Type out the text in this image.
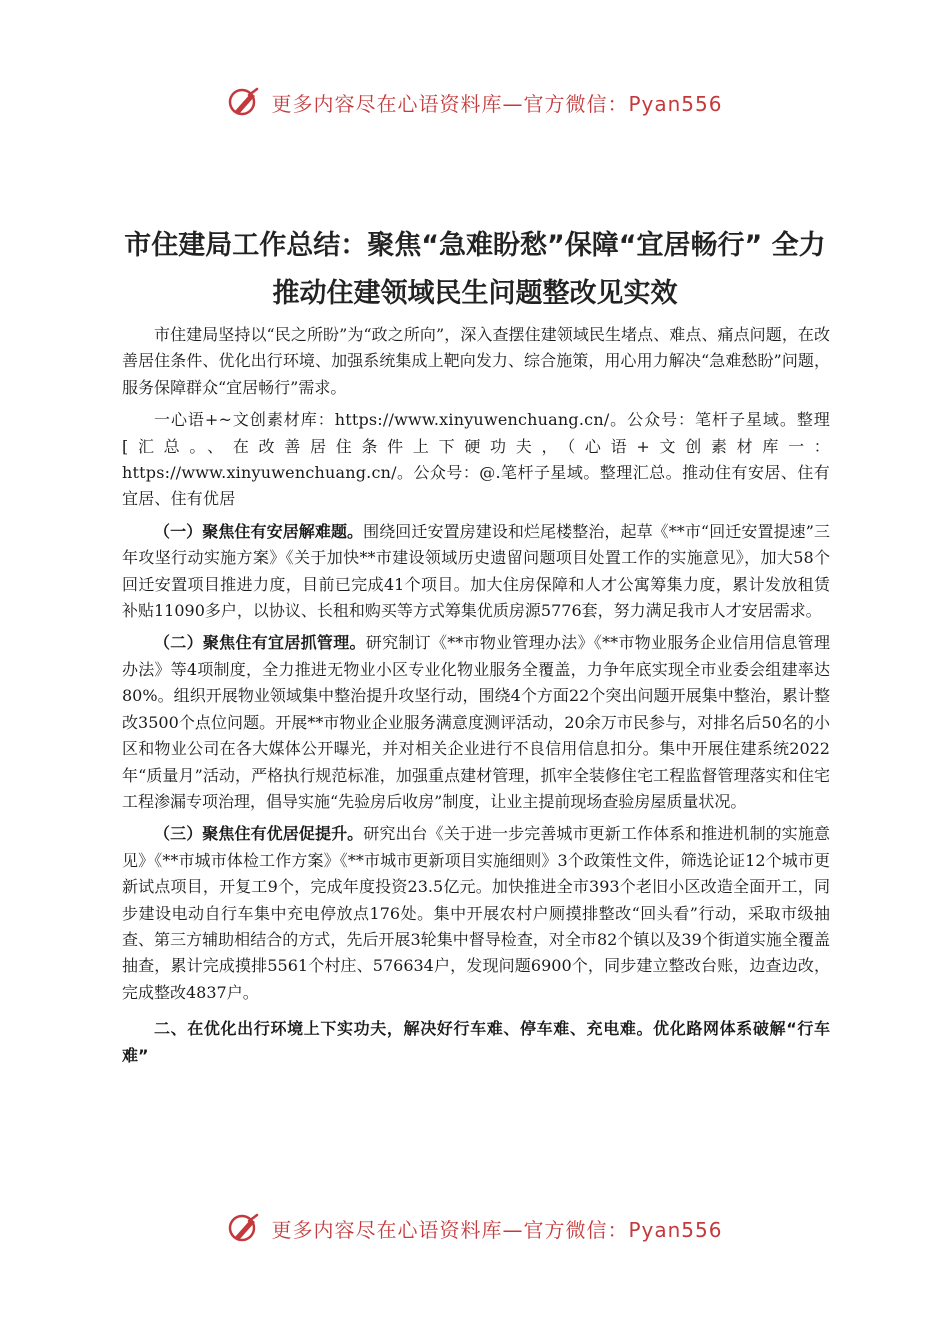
更多内容尽在心语资料库—官方微信：Pyan556
市住建局工作总结：聚焦“急难盼愁”保障“宜居畅行” 全力推动住建领域民生问题整改见实效

市住建局坚持以“民之所盼”为“政之所向”，深入查摆住建领域民生堵点、难点、痛点问题，在改善居住条件、优化出行环境、加强系统集成上靶向发力、综合施策，用心用力解决“急难愁盼”问题，服务保障群众“宜居畅行”需求。

一心语+~文创素材库：https://www.xinyuwenchuang.cn/。公众号：笔杆子星域。整理[汇总。、在改善居住条件上下硬功夫，（心语+文创素材库一：https://www.xinyuwenchuang.cn/。公众号：@.笔杆子星域。整理汇总。推动住有安居、住有宜居、住有优居

（一）聚焦住有安居解难题。围绕回迁安置房建设和烂尾楼整治，起草《**市“回迁安置提速”三年攻坚行动实施方案》《关于加快**市建设领域历史遗留问题项目处置工作的实施意见》，加大58个回迁安置项目推进力度，目前已完成41个项目。加大住房保障和人才公寓筹集力度，累计发放租赁补贴11090多户，以协议、长租和购买等方式筹集优质房源5776套，努力满足我市人才安居需求。

（二）聚焦住有宜居抓管理。研究制订《**市物业管理办法》《**市物业服务企业信用信息管理办法》等4项制度，全力推进无物业小区专业化物业服务全覆盖，力争年底实现全市业委会组建率达80%。组织开展物业领域集中整治提升攻坚行动，围绕4个方面22个突出问题开展集中整治，累计整改3500个点位问题。开展**市物业企业服务满意度测评活动，20余万市民参与，对排名后50名的小区和物业公司在各大媒体公开曝光，并对相关企业进行不良信用信息扣分。集中开展住建系统2022年“质量月”活动，严格执行规范标准，加强重点建材管理，抓牢全装修住宅工程监督管理落实和住宅工程渗漏专项治理，倡导实施“先验房后收房”制度，让业主提前现场查验房屋质量状况。

（三）聚焦住有优居促提升。研究出台《关于进一步完善城市更新工作体系和推进机制的实施意见》《**市城市体检工作方案》《**市城市更新项目实施细则》3个政策性文件，筛选论证12个城市更新试点项目，开复工9个，完成年度投资23.5亿元。加快推进全市393个老旧小区改造全面开工，同步建设电动自行车集中充电停放点176处。集中开展农村户厕摸排整改“回头看”行动，采取市级抽查、第三方辅助相结合的方式，先后开展3轮集中督导检查，对全市82个镇以及39个街道实施全覆盖抽查，累计完成摸排5561个村庄、576634户，发现问题6900个，同步建立整改台账，边查边改，完成整改4837户。

二、在优化出行环境上下实功夫，解决好行车难、停车难、充电难。优化路网体系破解“行车难”

更多内容尽在心语资料库—官方微信：Pyan556
